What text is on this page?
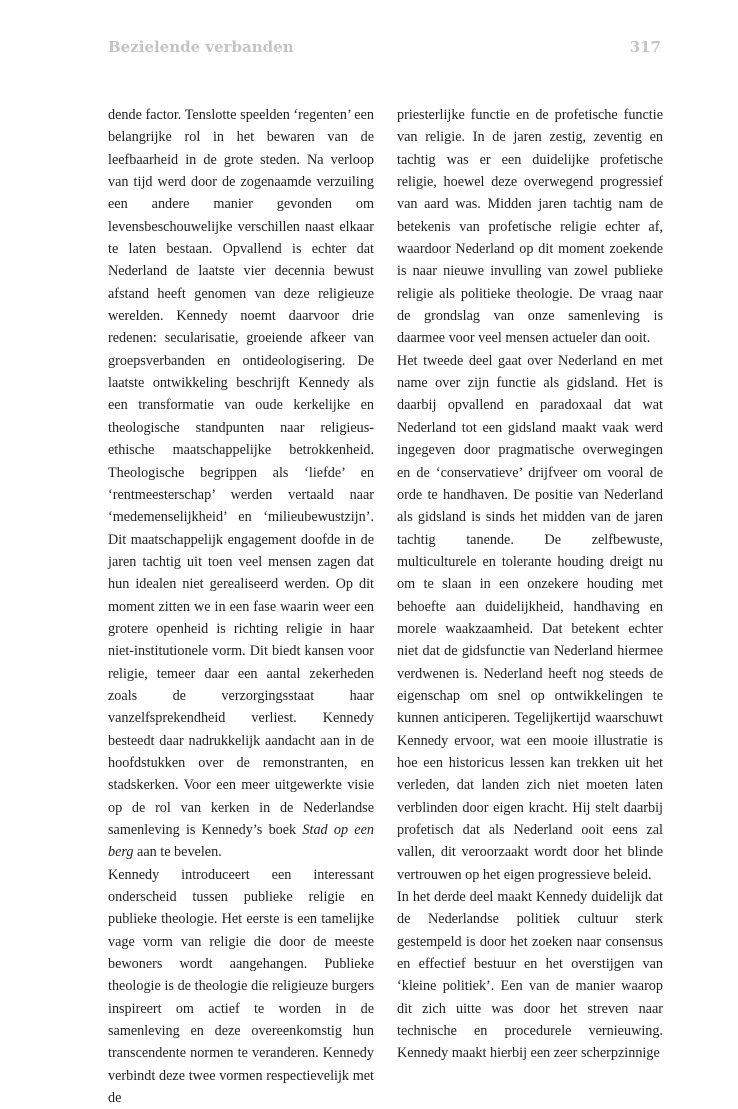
Bezielende verbanden	317

dende factor. Tenslotte speelden ‘regenten’ een belangrijke rol in het bewaren van de leefbaarheid in de grote steden. Na verloop van tijd werd door de zogenaamde verzuiling een andere manier gevonden om levensbeschouwelijke verschillen naast elkaar te laten bestaan. Opvallend is echter dat Nederland de laatste vier decennia bewust afstand heeft genomen van deze religieuze werelden. Kennedy noemt daarvoor drie redenen: secularisatie, groeiende afkeer van groepsverbanden en ontideologisering. De laatste ontwikkeling beschrijft Kennedy als een transformatie van oude kerkelijke en theologische standpunten naar religieus-ethische maatschappelijke betrokkenheid. Theologische begrippen als ‘liefde’ en ‘rentmeesterschap’ werden vertaald naar ‘medemenselijkheid’ en ‘milieubewustzijn’. Dit maatschappelijk engagement doofde in de jaren tachtig uit toen veel mensen zagen dat hun idealen niet gerealiseerd werden. Op dit moment zitten we in een fase waarin weer een grotere openheid is richting religie in haar niet-institutionele vorm. Dit biedt kansen voor religie, temeer daar een aantal zekerheden zoals de verzorgingsstaat haar vanzelfsprekendheid verliest. Kennedy besteedt daar nadrukkelijk aandacht aan in de hoofdstukken over de remonstranten, en stadskerken. Voor een meer uitgewerkte visie op de rol van kerken in de Nederlandse samenleving is Kennedy’s boek Stad op een berg aan te bevelen.

Kennedy introduceert een interessant onderscheid tussen publieke religie en publieke theologie. Het eerste is een tamelijke vage vorm van religie die door de meeste bewoners wordt aangehangen. Publieke theologie is de theologie die religieuze burgers inspireert om actief te worden in de samenleving en deze overeenkomstig hun transcendente normen te veranderen. Kennedy verbindt deze twee vormen respectievelijk met de

priesterlijke functie en de profetische functie van religie. In de jaren zestig, zeventig en tachtig was er een duidelijke profetische religie, hoewel deze overwegend progressief van aard was. Midden jaren tachtig nam de betekenis van profetische religie echter af, waardoor Nederland op dit moment zoekende is naar nieuwe invulling van zowel publieke religie als politieke theologie. De vraag naar de grondslag van onze samenleving is daarmee voor veel mensen actueler dan ooit.

Het tweede deel gaat over Nederland en met name over zijn functie als gidsland. Het is daarbij opvallend en paradoxaal dat wat Nederland tot een gidsland maakt vaak werd ingegeven door pragmatische overwegingen en de ‘conservatieve’ drijfveer om vooral de orde te handhaven. De positie van Nederland als gidsland is sinds het midden van de jaren tachtig tanende. De zelfbewuste, multiculturele en tolerante houding dreigt nu om te slaan in een onzekere houding met behoefte aan duidelijkheid, handhaving en morele waakzaamheid. Dat betekent echter niet dat de gidsfunctie van Nederland hiermee verdwenen is. Nederland heeft nog steeds de eigenschap om snel op ontwikkelingen te kunnen anticiperen. Tegelijkertijd waarschuwt Kennedy ervoor, wat een mooie illustratie is hoe een historicus lessen kan trekken uit het verleden, dat landen zich niet moeten laten verblinden door eigen kracht. Hij stelt daarbij profetisch dat als Nederland ooit eens zal vallen, dit veroorzaakt wordt door het blinde vertrouwen op het eigen progressieve beleid.

In het derde deel maakt Kennedy duidelijk dat de Nederlandse politiek cultuur sterk gestempeld is door het zoeken naar consensus en effectief bestuur en het overstijgen van ‘kleine politiek’. Een van de manier waarop dit zich uitte was door het streven naar technische en procedurele vernieuwing. Kennedy maakt hierbij een zeer scherpzinnige
